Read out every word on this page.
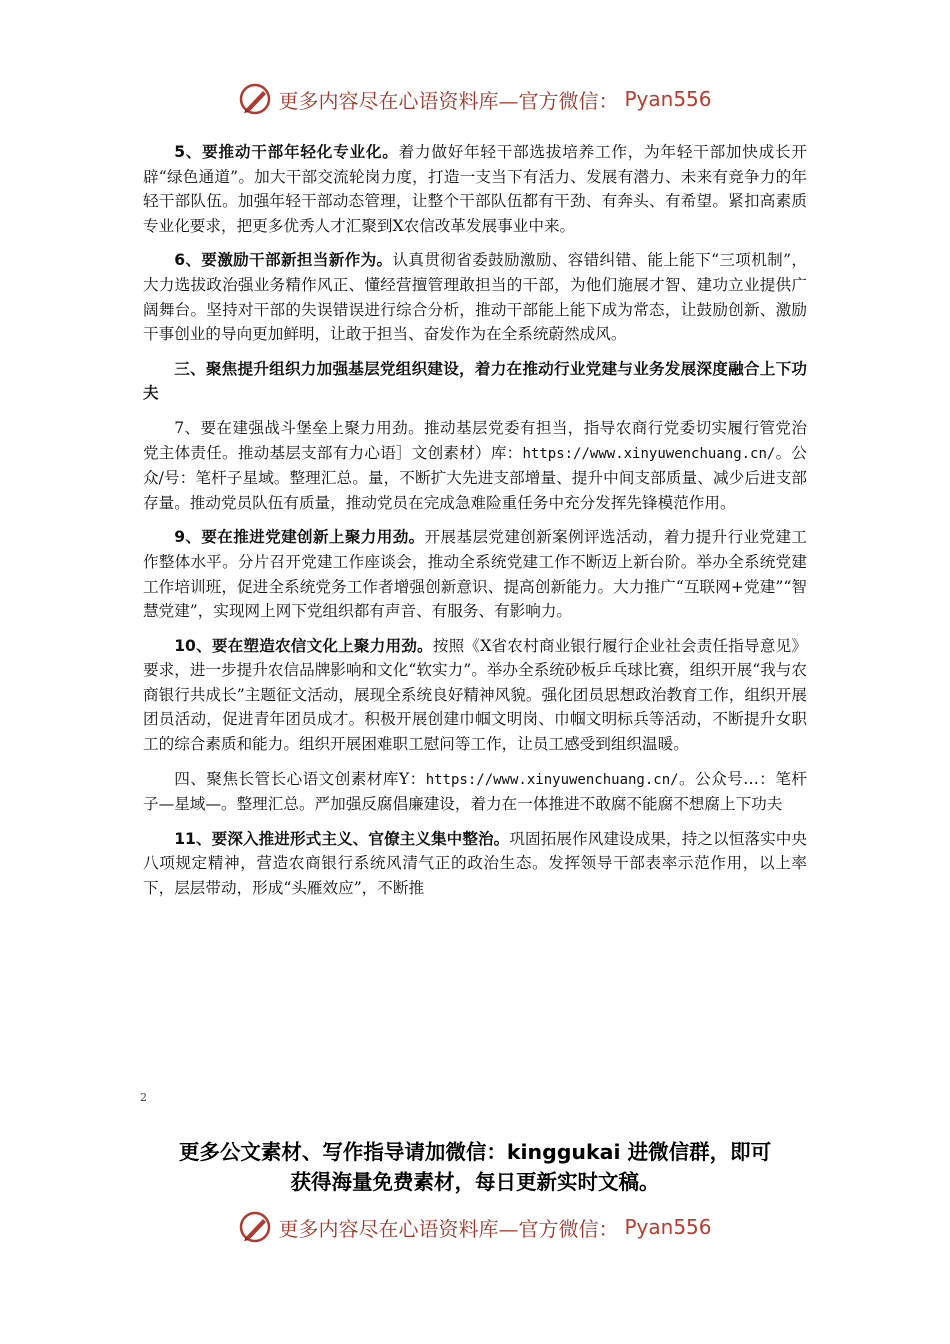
更多内容尽在心语资料库—官方微信： Pyan556

5、要推动干部年轻化专业化。着力做好年轻干部选拔培养工作，为年轻干部加快成长开辟“绿色通道”。加大干部交流轮岗力度，打造一支当下有活力、发展有潜力、未来有竞争力的年轻干部队伍。加强年轻干部动态管理，让整个干部队伍都有干劲、有奔头、有希望。紧扣高素质专业化要求，把更多优秀人才汇聚到X农信改革发展事业中来。

6、要激励干部新担当新作为。认真贯彻省委鼓励激励、容错纠错、能上能下“三项机制”，大力选拔政治强业务精作风正、懂经营擅管理敢担当的干部，为他们施展才智、建功立业提供广阔舞台。坚持对干部的失误错误进行综合分析，推动干部能上能下成为常态，让鼓励创新、激励干事创业的导向更加鲜明，让敢于担当、奋发作为在全系统蔚然成风。

三、聚焦提升组织力加强基层党组织建设，着力在推动行业党建与业务发展深度融合上下功夫

7、要在建强战斗堡垒上聚力用劲。推动基层党委有担当，指导农商行党委切实履行管党治党主体责任。推动基层支部有力心语］文创素材）库：https://www.xinyuwenchuang.cn/。公众/号：笔杆子星域。整理汇总。量，不断扩大先进支部增量、提升中间支部质量、减少后进支部存量。推动党员队伍有质量，推动党员在完成急难险重任务中充分发挥先锋模范作用。

9、要在推进党建创新上聚力用劲。开展基层党建创新案例评选活动，着力提升行业党建工作整体水平。分片召开党建工作座谈会，推动全系统党建工作不断迈上新台阶。举办全系统党建工作培训班，促进全系统党务工作者增强创新意识、提高创新能力。大力推广“互联网+党建”“智慧党建”，实现网上网下党组织都有声音、有服务、有影响力。

10、要在塑造农信文化上聚力用劲。按照《X省农村商业银行履行企业社会责任指导意见》要求，进一步提升农信品牌影响和文化“软实力”。举办全系统砂板乒乓球比赛，组织开展“我与农商银行共成长”主题征文活动，展现全系统良好精神风貌。强化团员思想政治教育工作，组织开展团员活动，促进青年团员成才。积极开展创建巾帼文明岗、巾帼文明标兵等活动，不断提升女职工的综合素质和能力。组织开展困难职工慰问等工作，让员工感受到组织温暖。

四、聚焦长管长心语文创素材库Y：https://www.xinyuwenchuang.cn/。公众号…：笔杆子—星域—。整理汇总。严加强反腐倡廉建设，着力在一体推进不敢腐不能腐不想腐上下功夫

11、要深入推进形式主义、官僚主义集中整治。巩固拓展作风建设成果，持之以恒落实中央八项规定精神，营造农商银行系统风清气正的政治生态。发挥领导干部表率示范作用，以上率下，层层带动，形成“头雁效应”，不断推

2
更多公文素材、写作指导请加微信：kinggukai 进微信群，即可
获得海量免费素材，每日更新实时文稿。
更多内容尽在心语资料库—官方微信： Pyan556
